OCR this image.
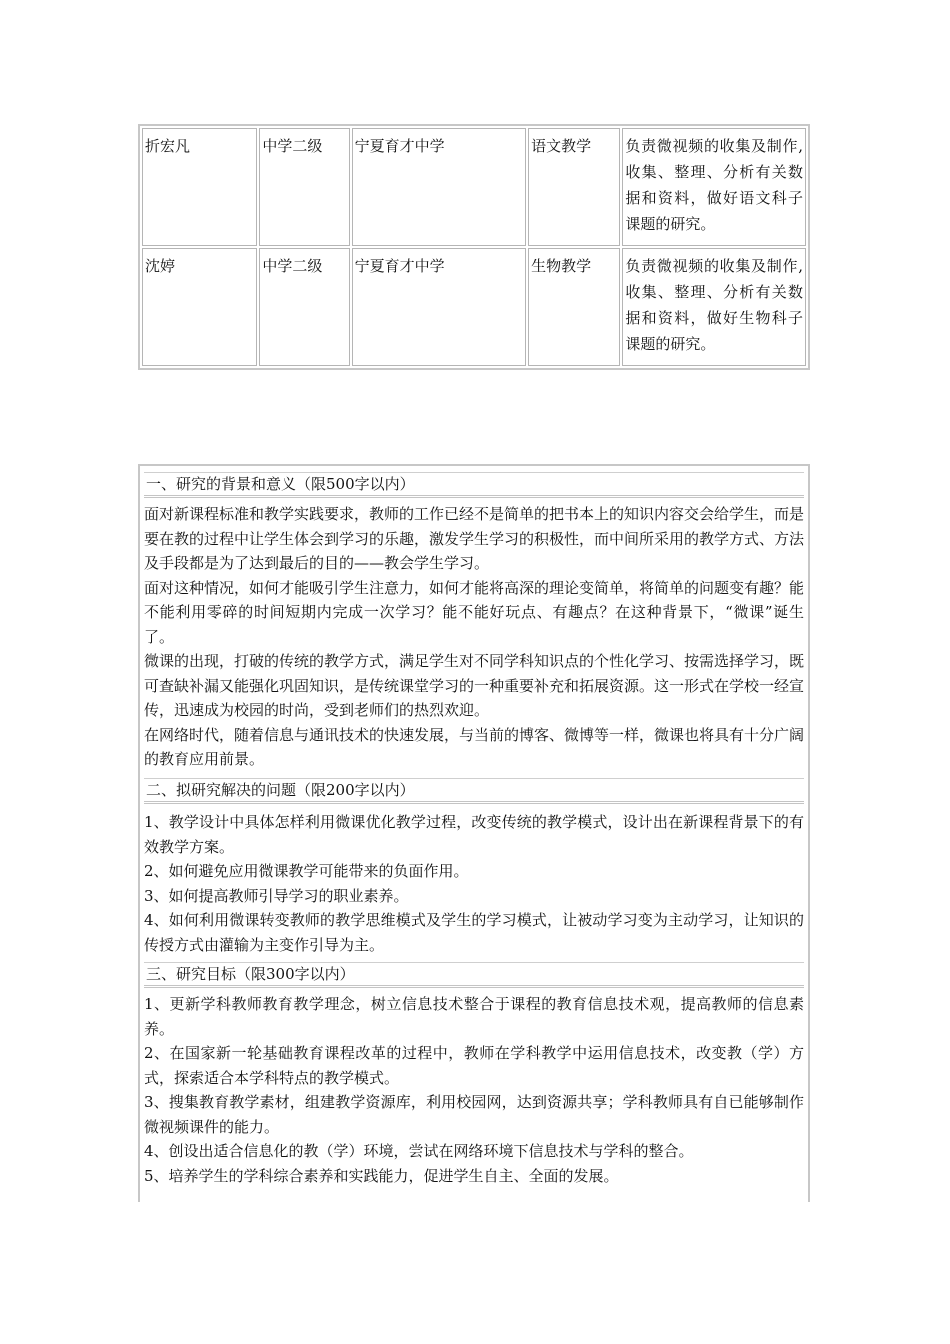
折宏凡	中学二级	宁夏育才中学	语文教学	负责微视频的收集及制作,收集、整理、分析有关数据和资料，做好语文科子课题的研究。
沈婷	中学二级	宁夏育才中学	生物教学	负责微视频的收集及制作,收集、整理、分析有关数据和资料，做好生物科子课题的研究。
一、研究的背景和意义（限500字以内）

面对新课程标准和教学实践要求，教师的工作已经不是简单的把书本上的知识内容交会给学生，而是要在教的过程中让学生体会到学习的乐趣，激发学生学习的积极性，而中间所采用的教学方式、方法及手段都是为了达到最后的目的——教会学生学习。

面对这种情况，如何才能吸引学生注意力，如何才能将高深的理论变简单，将简单的问题变有趣？能不能利用零碎的时间短期内完成一次学习？能不能好玩点、有趣点？在这种背景下，“微课”诞生了。

微课的出现，打破的传统的教学方式，满足学生对不同学科知识点的个性化学习、按需选择学习，既可查缺补漏又能强化巩固知识，是传统课堂学习的一种重要补充和拓展资源。这一形式在学校一经宣传，迅速成为校园的时尚，受到老师们的热烈欢迎。

在网络时代，随着信息与通讯技术的快速发展，与当前的博客、微博等一样，微课也将具有十分广阔的教育应用前景。

二、拟研究解决的问题（限200字以内）

1、教学设计中具体怎样利用微课优化教学过程，改变传统的教学模式，设计出在新课程背景下的有效教学方案。

2、如何避免应用微课教学可能带来的负面作用。

3、如何提高教师引导学习的职业素养。

4、如何利用微课转变教师的教学思维模式及学生的学习模式，让被动学习变为主动学习，让知识的传授方式由灌输为主变作引导为主。

三、研究目标（限300字以内）

1、更新学科教师教育教学理念，树立信息技术整合于课程的教育信息技术观，提高教师的信息素养。

2、在国家新一轮基础教育课程改革的过程中，教师在学科教学中运用信息技术，改变教（学）方式，探索适合本学科特点的教学模式。

3、搜集教育教学素材，组建教学资源库，利用校园网，达到资源共享；学科教师具有自已能够制作微视频课件的能力。

4、创设出适合信息化的教（学）环境，尝试在网络环境下信息技术与学科的整合。

5、培养学生的学科综合素养和实践能力，促进学生自主、全面的发展。
